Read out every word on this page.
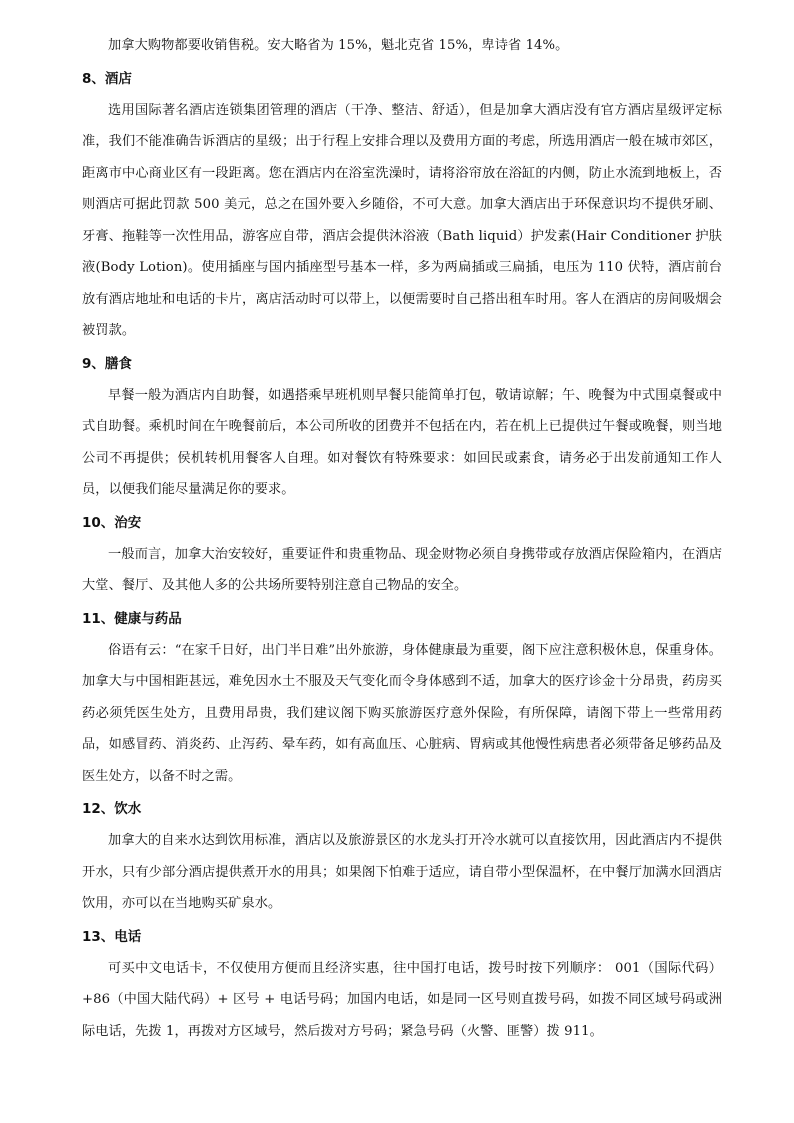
加拿大购物都要收销售税。安大略省为 15%，魁北克省 15%，卑诗省 14%。

8、酒店

选用国际著名酒店连锁集团管理的酒店（干净、整洁、舒适），但是加拿大酒店没有官方酒店星级评定标准，我们不能准确告诉酒店的星级；出于行程上安排合理以及费用方面的考虑，所选用酒店一般在城市郊区，距离市中心商业区有一段距离。您在酒店内在浴室洗澡时，请将浴帘放在浴缸的内侧，防止水流到地板上，否则酒店可据此罚款 500 美元，总之在国外要入乡随俗，不可大意。加拿大酒店出于环保意识均不提供牙刷、牙膏、拖鞋等一次性用品，游客应自带，酒店会提供沐浴液（Bath liquid）护发素(Hair Conditioner 护肤液(Body Lotion)。使用插座与国内插座型号基本一样，多为两扁插或三扁插，电压为 110 伏特，酒店前台放有酒店地址和电话的卡片，离店活动时可以带上，以便需要时自己搭出租车时用。客人在酒店的房间吸烟会被罚款。

9、膳食

早餐一般为酒店内自助餐，如遇搭乘早班机则早餐只能简单打包，敬请谅解；午、晚餐为中式围桌餐或中式自助餐。乘机时间在午晚餐前后，本公司所收的团费并不包括在内，若在机上已提供过午餐或晚餐，则当地公司不再提供；侯机转机用餐客人自理。如对餐饮有特殊要求：如回民或素食，请务必于出发前通知工作人员，以便我们能尽量满足你的要求。

10、治安

一般而言，加拿大治安较好，重要证件和贵重物品、现金财物必须自身携带或存放酒店保险箱内，在酒店大堂、餐厅、及其他人多的公共场所要特别注意自己物品的安全。

11、健康与药品

俗语有云：“在家千日好，出门半日难”出外旅游，身体健康最为重要，阁下应注意积极休息，保重身体。加拿大与中国相距甚远，难免因水土不服及天气变化而令身体感到不适，加拿大的医疗诊金十分昂贵，药房买药必须凭医生处方，且费用昂贵，我们建议阁下购买旅游医疗意外保险，有所保障，请阁下带上一些常用药品，如感冒药、消炎药、止泻药、晕车药，如有高血压、心脏病、胃病或其他慢性病患者必须带备足够药品及医生处方，以备不时之需。

12、饮水

加拿大的自来水达到饮用标准，酒店以及旅游景区的水龙头打开冷水就可以直接饮用，因此酒店内不提供开水，只有少部分酒店提供煮开水的用具；如果阁下怕难于适应，请自带小型保温杯，在中餐厅加满水回酒店饮用，亦可以在当地购买矿泉水。

13、电话

可买中文电话卡，不仅使用方便而且经济实惠，往中国打电话，拨号时按下列顺序： 001（国际代码）+86（中国大陆代码）+ 区号 + 电话号码；加国内电话，如是同一区号则直拨号码，如拨不同区域号码或洲际电话，先拨 1，再拨对方区域号，然后拨对方号码；紧急号码（火警、匪警）拨 911。
